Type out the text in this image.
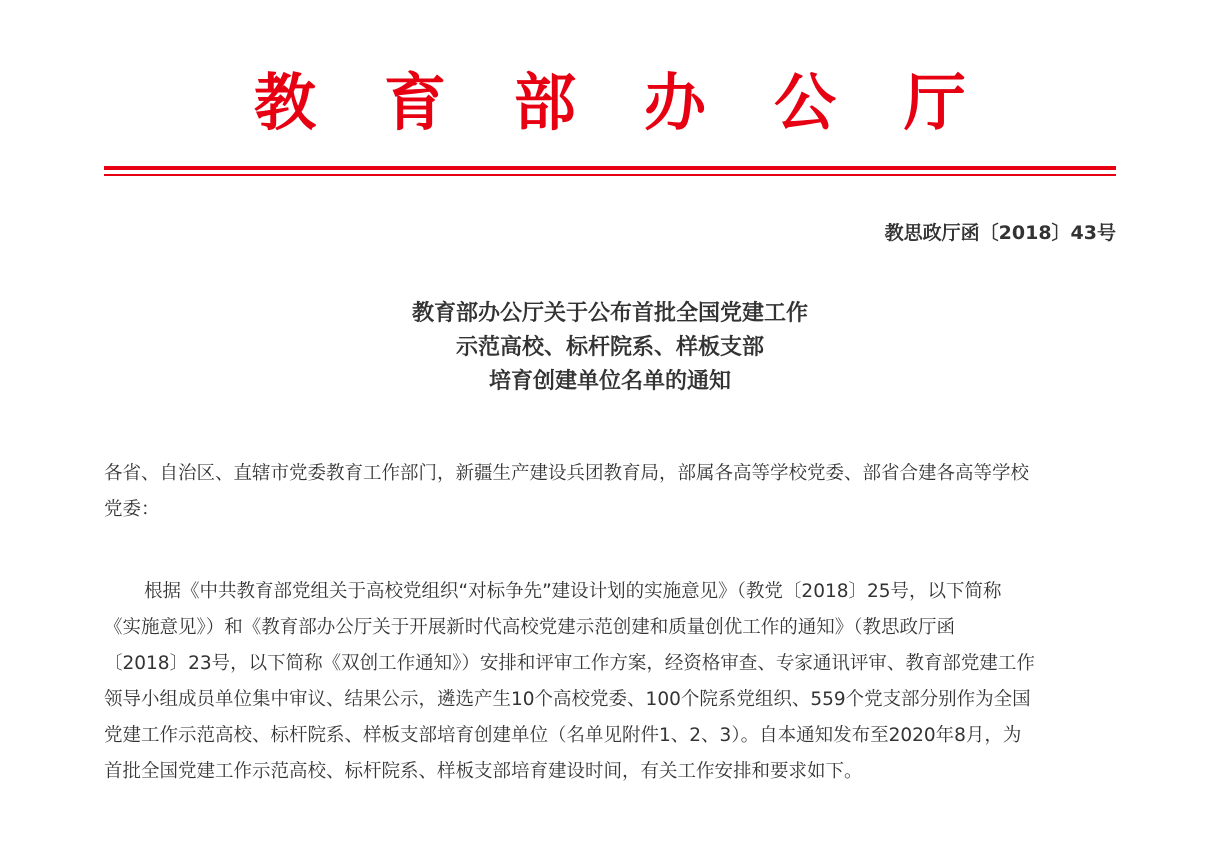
教 育 部 办 公 厅
教思政厅函〔2018〕43号
教育部办公厅关于公布首批全国党建工作
示范高校、标杆院系、样板支部
培育创建单位名单的通知
各省、自治区、直辖市党委教育工作部门，新疆生产建设兵团教育局，部属各高等学校党委、部省合建各高等学校
党委：
根据《中共教育部党组关于高校党组织“对标争先”建设计划的实施意见》（教党〔2018〕25号，以下简称
《实施意见》）和《教育部办公厅关于开展新时代高校党建示范创建和质量创优工作的通知》（教思政厅函
〔2018〕23号，以下简称《双创工作通知》）安排和评审工作方案，经资格审查、专家通讯评审、教育部党建工作
领导小组成员单位集中审议、结果公示，遴选产生10个高校党委、100个院系党组织、559个党支部分别作为全国
党建工作示范高校、标杆院系、样板支部培育创建单位（名单见附件1、2、3）。自本通知发布至2020年8月，为
首批全国党建工作示范高校、标杆院系、样板支部培育建设时间，有关工作安排和要求如下。
